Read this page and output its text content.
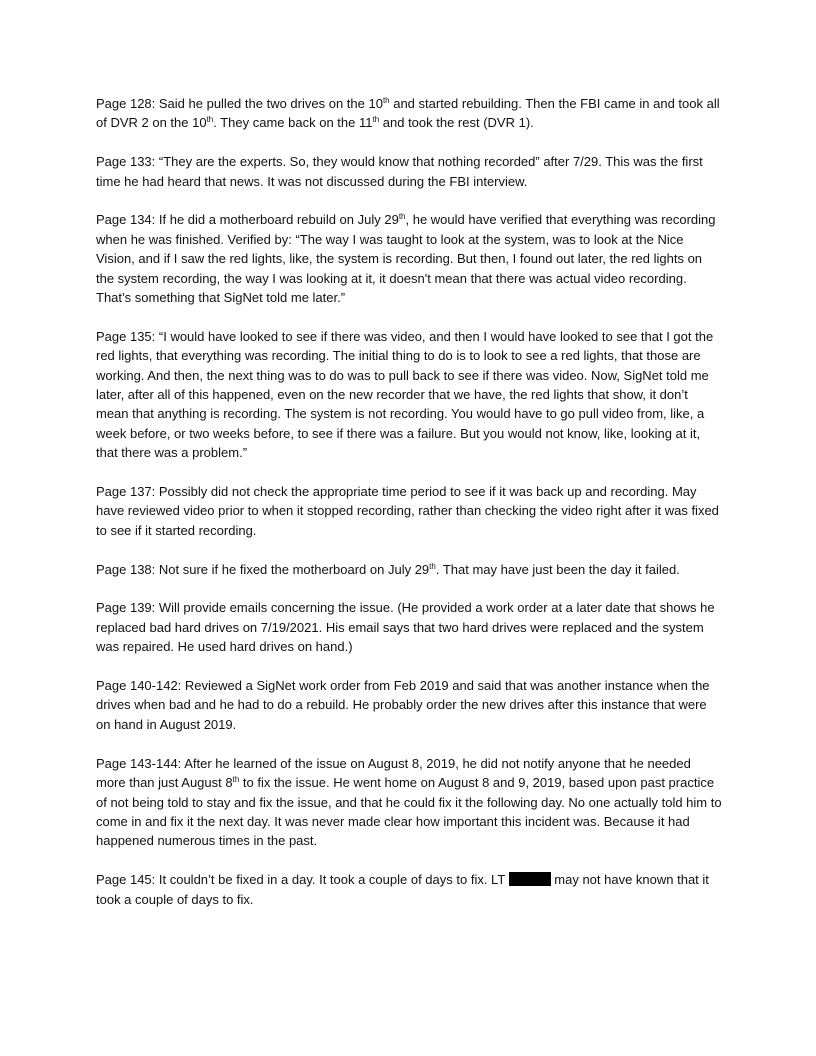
Page 128: Said he pulled the two drives on the 10th and started rebuilding. Then the FBI came in and took all of DVR 2 on the 10th. They came back on the 11th and took the rest (DVR 1).

Page 133: “They are the experts. So, they would know that nothing recorded” after 7/29. This was the first time he had heard that news. It was not discussed during the FBI interview.

Page 134: If he did a motherboard rebuild on July 29th, he would have verified that everything was recording when he was finished. Verified by: “The way I was taught to look at the system, was to look at the Nice Vision, and if I saw the red lights, like, the system is recording. But then, I found out later, the red lights on the system recording, the way I was looking at it, it doesn't mean that there was actual video recording. That’s something that SigNet told me later.”

Page 135: “I would have looked to see if there was video, and then I would have looked to see that I got the red lights, that everything was recording. The initial thing to do is to look to see a red lights, that those are working. And then, the next thing was to do was to pull back to see if there was video. Now, SigNet told me later, after all of this happened, even on the new recorder that we have, the red lights that show, it don’t mean that anything is recording. The system is not recording. You would have to go pull video from, like, a week before, or two weeks before, to see if there was a failure. But you would not know, like, looking at it, that there was a problem.”

Page 137: Possibly did not check the appropriate time period to see if it was back up and recording. May have reviewed video prior to when it stopped recording, rather than checking the video right after it was fixed to see if it started recording.

Page 138: Not sure if he fixed the motherboard on July 29th. That may have just been the day it failed.

Page 139: Will provide emails concerning the issue. (He provided a work order at a later date that shows he replaced bad hard drives on 7/19/2021. His email says that two hard drives were replaced and the system was repaired. He used hard drives on hand.)

Page 140-142: Reviewed a SigNet work order from Feb 2019 and said that was another instance when the drives when bad and he had to do a rebuild. He probably order the new drives after this instance that were on hand in August 2019.

Page 143-144: After he learned of the issue on August 8, 2019, he did not notify anyone that he needed more than just August 8th to fix the issue. He went home on August 8 and 9, 2019, based upon past practice of not being told to stay and fix the issue, and that he could fix it the following day. No one actually told him to come in and fix it the next day. It was never made clear how important this incident was. Because it had happened numerous times in the past.

Page 145: It couldn’t be fixed in a day. It took a couple of days to fix. LT	may not have known that it took a couple of days to fix.
